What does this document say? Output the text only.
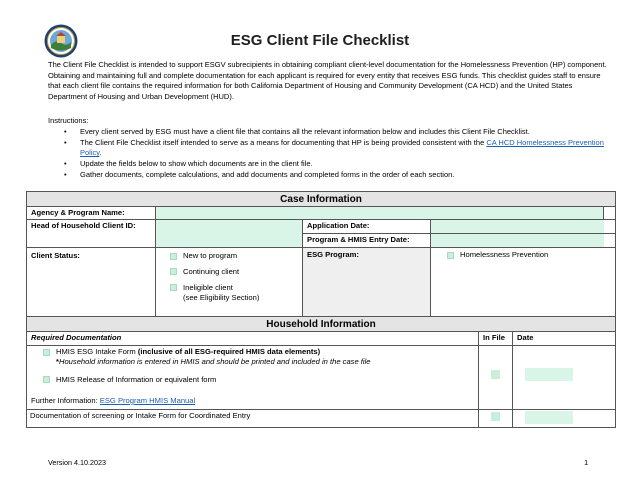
ESG Client File Checklist
The Client File Checklist is intended to support ESGV subrecipients in obtaining compliant client-level documentation for the Homelessness Prevention (HP) component. Obtaining and maintaining full and complete documentation for each applicant is required for every entity that receives ESG funds. This checklist guides staff to ensure that each client file contains the required information for both California Department of Housing and Community Development (CA HCD) and the United States Department of Housing and Urban Development (HUD).
Instructions:
• Every client served by ESG must have a client file that contains all the relevant information below and includes this Client File Checklist.
• The Client File Checklist itself intended to serve as a means for documenting that HP is being provided consistent with the CA HCD Homelessness Prevention Policy.
• Update the fields below to show which documents are in the client file.
• Gather documents, complete calculations, and add documents and completed forms in the order of each section.
Case Information
Agency & Program Name:
Head of Household Client ID:	Application Date:
Program & HMIS Entry Date:
Client Status:	New to program
Continuing client
Ineligible client
(see Eligibility Section)
ESG Program:	Homelessness Prevention
Household Information
Required Documentation	In File	Date
HMIS ESG Intake Form (inclusive of all ESG-required HMIS data elements)
*Household information is entered in HMIS and should be printed and included in the case file
HMIS Release of Information or equivalent form
Further Information: ESG Program HMIS Manual
Documentation of screening or Intake Form for Coordinated Entry
Version 4.10.2023	1
